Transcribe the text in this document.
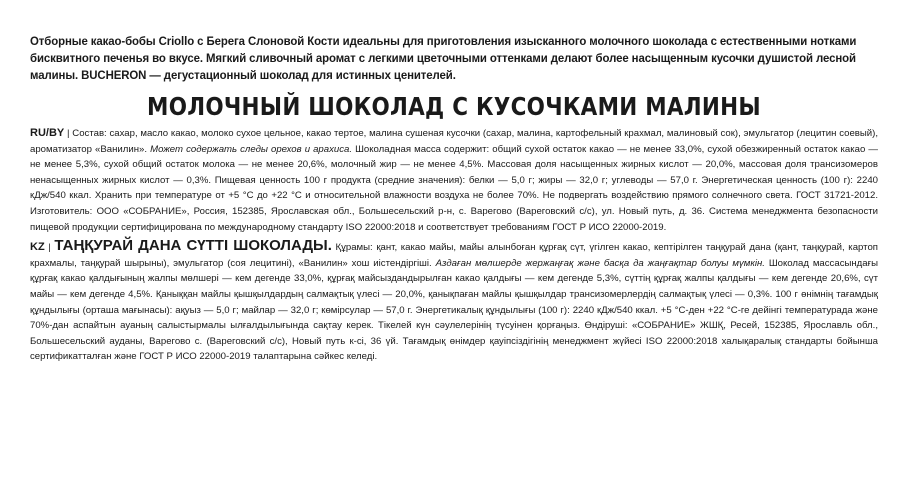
Отборные какао-бобы Criollo с Берега Слоновой Кости идеальны для приготовления изысканного молочного шоколада с естественными нотками бисквитного печенья во вкусе. Мягкий сливочный аромат с легкими цветочными оттенками делают более насыщенным кусочки душистой лесной малины. BUCHERON — дегустационный шоколад для истинных ценителей.
МОЛОЧНЫЙ ШОКОЛАД С КУСОЧКАМИ МАЛИНЫ
RU/BY | Состав: сахар, масло какао, молоко сухое цельное, какао тертое, малина сушеная кусочки (сахар, малина, картофельный крахмал, малиновый сок), эмульгатор (лецитин соевый), ароматизатор «Ванилин». Может содержать следы орехов и арахиса. Шоколадная масса содержит: общий сухой остаток какао — не менее 33,0%, сухой обезжиренный остаток какао — не менее 5,3%, сухой общий остаток молока — не менее 20,6%, молочный жир — не менее 4,5%. Массовая доля насыщенных жирных кислот — 20,0%, массовая доля трансизомеров ненасыщенных жирных кислот — 0,3%. Пищевая ценность 100 г продукта (средние значения): белки — 5,0 г; жиры — 32,0 г; углеводы — 57,0 г. Энергетическая ценность (100 г): 2240 кДж/540 ккал. Хранить при температуре от +5 °C до +22 °C и относительной влажности воздуха не более 70%. Не подвергать воздействию прямого солнечного света. ГОСТ 31721-2012. Изготовитель: ООО «СОБРАНИЕ», Россия, 152385, Ярославская обл., Большесельский р-н, с. Варегово (Вареговский с/с), ул. Новый путь, д. 36. Система менеджмента безопасности пищевой продукции сертифицирована по международному стандарту ISO 22000:2018 и соответствует требованиям ГОСТ Р ИСО 22000-2019.
KZ | ТАҢҚУРАЙ ДАНА СҮТТІ ШОКОЛАДЫ. Құрамы: қант, какао майы, майы алынбоған құрғақ сүт, үгілген какао, кептірілген таңқурай дана (қант, таңқурай, картоп крахмалы, таңқурай шырыны), эмульгатор (соя лецитині), «Ванилин» хош иістендіргіші. Аздаған мөлшерде жержаңғақ және басқа да жаңғақтар болуы мүмкін. Шоколад массасындағы құрғақ какао қалдығының жалпы мөлшері — кем дегенде 33,0%, құрғақ майсыздандырылған какао қалдығы — кем дегенде 5,3%, сүттің құрғақ жалпы қалдығы — кем дегенде 20,6%, сүт майы — кем дегенде 4,5%. Қаныққан майлы қышқылдардың салмақтық үлесі — 20,0%, қанықпаған майлы қышқылдар трансизомерлердің салмақтық үлесі — 0,3%. 100 г өнімнің тағамдық құндылығы (орташа мағынасы): ақуыз — 5,0 г; майлар — 32,0 г; көмірсулар — 57,0 г. Энергетикалық құндылығы (100 г): 2240 кДж/540 ккал. +5 °С-ден +22 °С-ге дейінгі температурада және 70%-дан аспайтын ауаның салыстырмалы ылғалдылығында сақтау керек. Тікелей күн сәулелерінің түсуінен қорғаңыз. Өндіруші: «СОБРАНИЕ» ЖШҚ, Ресей, 152385, Ярославль обл., Большесельский ауданы, Варегово с. (Вареговский с/с), Новый путь к-сі, 36 үй. Тағамдық өнімдер қауіпсіздігінің менеджмент жүйесі ISO 22000:2018 халықаралық стандарты бойынша сертификатталған және ГОСТ Р ИСО 22000-2019 талаптарына сәйкес келеді.
